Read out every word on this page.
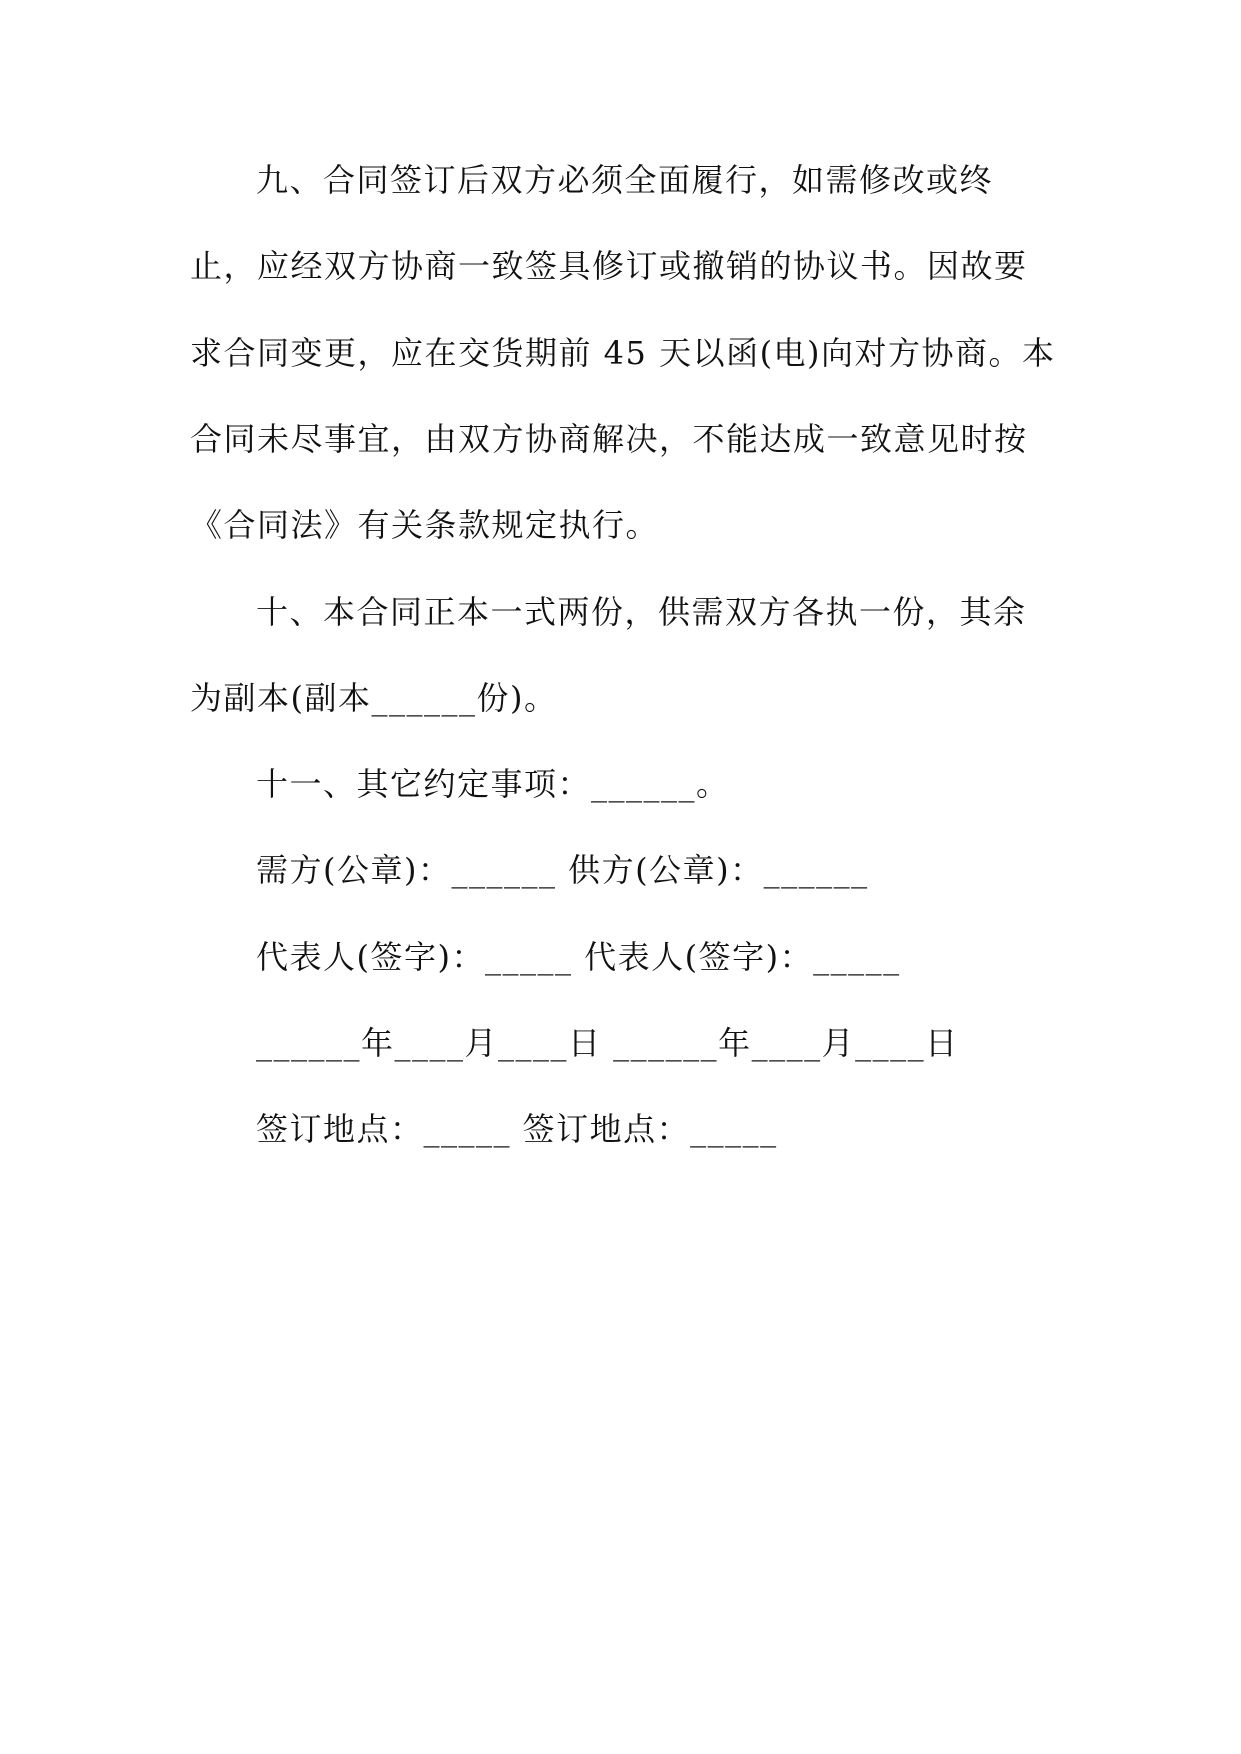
九、合同签订后双方必须全面履行，如需修改或终

止，应经双方协商一致签具修订或撤销的协议书。因故要

求合同变更，应在交货期前 45 天以函(电)向对方协商。本

合同未尽事宜，由双方协商解决，不能达成一致意见时按

《合同法》有关条款规定执行。

十、本合同正本一式两份，供需双方各执一份，其余

为副本(副本______份)。

十一、其它约定事项：______。

需方(公章)：______ 供方(公章)：______

代表人(签字)：_____ 代表人(签字)：_____

______年____月____日 ______年____月____日

签订地点：_____ 签订地点：_____
